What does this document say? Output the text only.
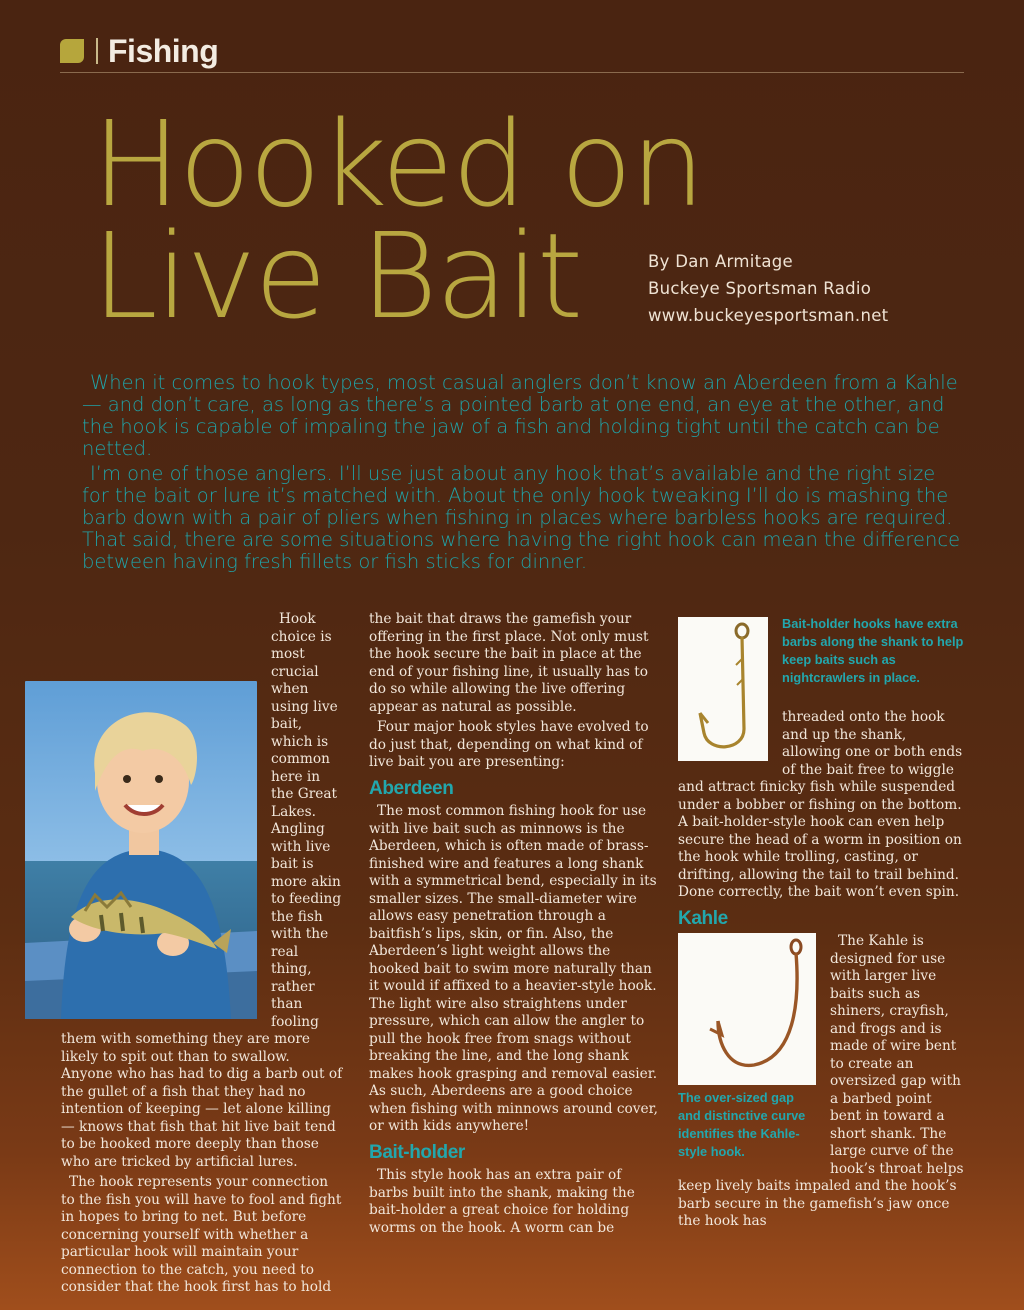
Fishing
Hooked on
Live Bait	By Dan Armitage
Buckeye Sportsman Radio
www.buckeyesportsman.net

When it comes to hook types, most casual anglers don’t know an Aberdeen from a Kahle — and don’t care, as long as there’s a pointed barb at one end, an eye at the other, and the hook is capable of impaling the jaw of a fish and holding tight until the catch can be netted.

I’m one of those anglers. I’ll use just about any hook that’s available and the right size for the bait or lure it’s matched with. About the only hook tweaking I’ll do is mashing the barb down with a pair of pliers when fishing in places where barbless hooks are required. That said, there are some situations where having the right hook can mean the difference between having fresh fillets or fish sticks for dinner.

Hook choice is most crucial when using live bait, which is common here in the Great Lakes. Angling with live bait is more akin to feeding the fish with the real thing, rather than fooling them with something they are more likely to spit out than to swallow. Anyone who has had to dig a barb out of the gullet of a fish that they had no intention of keeping — let alone killing — knows that fish that hit live bait tend to be hooked more deeply than those who are tricked by artificial lures.

The hook represents your connection to the fish you will have to fool and fight in hopes to bring to net. But before concerning yourself with whether a particular hook will maintain your connection to the catch, you need to consider that the hook first has to hold

the bait that draws the gamefish your offering in the first place. Not only must the hook secure the bait in place at the end of your fishing line, it usually has to do so while allowing the live offering appear as natural as possible.

Four major hook styles have evolved to do just that, depending on what kind of live bait you are presenting:

Aberdeen

The most common fishing hook for use with live bait such as minnows is the Aberdeen, which is often made of brass-finished wire and features a long shank with a symmetrical bend, especially in its smaller sizes. The small-diameter wire allows easy penetration through a baitfish’s lips, skin, or fin. Also, the Aberdeen’s light weight allows the hooked bait to swim more naturally than it would if affixed to a heavier-style hook. The light wire also straightens under pressure, which can allow the angler to pull the hook free from snags without breaking the line, and the long shank makes hook grasping and removal easier. As such, Aberdeens are a good choice when fishing with minnows around cover, or with kids anywhere!

Bait-holder

This style hook has an extra pair of barbs built into the shank, making the bait-holder a great choice for holding worms on the hook. A worm can be

Bait-holder hooks have extra barbs along the shank to help keep baits such as nightcrawlers in place.

threaded onto the hook and up the shank, allowing one or both ends of the bait free to wiggle and attract finicky fish while suspended under a bobber or fishing on the bottom. A bait-holder-style hook can even help secure the head of a worm in position on the hook while trolling, casting, or drifting, allowing the tail to trail behind. Done correctly, the bait won’t even spin.

Kahle
The over-sized gap and distinctive curve identifies the Kahle-style hook.

The Kahle is designed for use with larger live baits such as shiners, crayfish, and frogs and is made of wire bent to create an oversized gap with a barbed point bent in toward a short shank. The large curve of the hook’s throat helps keep lively baits impaled and the hook’s barb secure in the gamefish’s jaw once the hook has
